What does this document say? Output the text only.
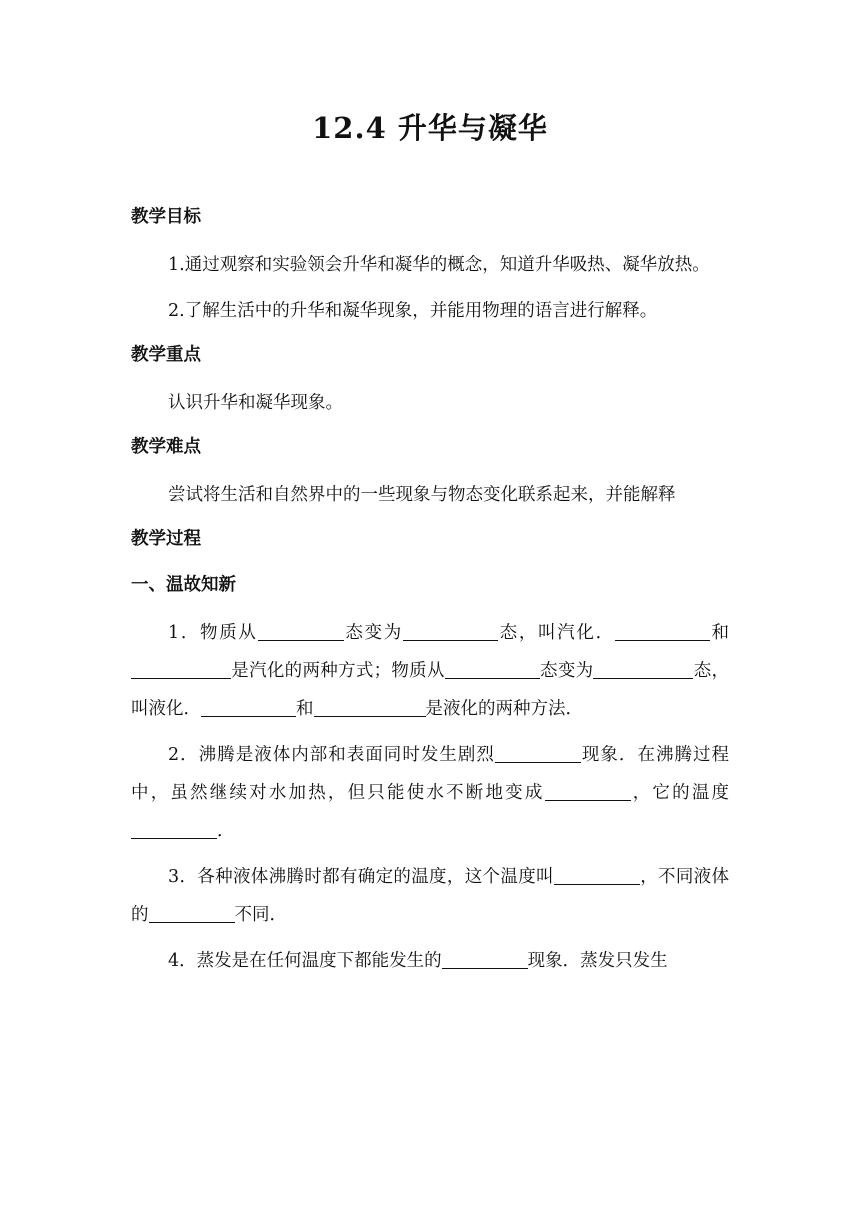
12.4 升华与凝华
教学目标
1.通过观察和实验领会升华和凝华的概念，知道升华吸热、凝华放热。
2.了解生活中的升华和凝华现象，并能用物理的语言进行解释。
教学重点
认识升华和凝华现象。
教学难点
尝试将生活和自然界中的一些现象与物态变化联系起来，并能解释
教学过程
一、温故知新
1．物质从	态变为	态，叫汽化．	和是汽化的两种方式；物质从	态变为	态，叫液化．	和	是液化的两种方法．
2．沸腾是液体内部和表面同时发生剧烈	现象．在沸腾过程中，虽然继续对水加热，但只能使水不断地变成	，它的温度．
3．各种液体沸腾时都有确定的温度，这个温度叫	，不同液体的	不同．
4．蒸发是在任何温度下都能发生的	现象．蒸发只发生
